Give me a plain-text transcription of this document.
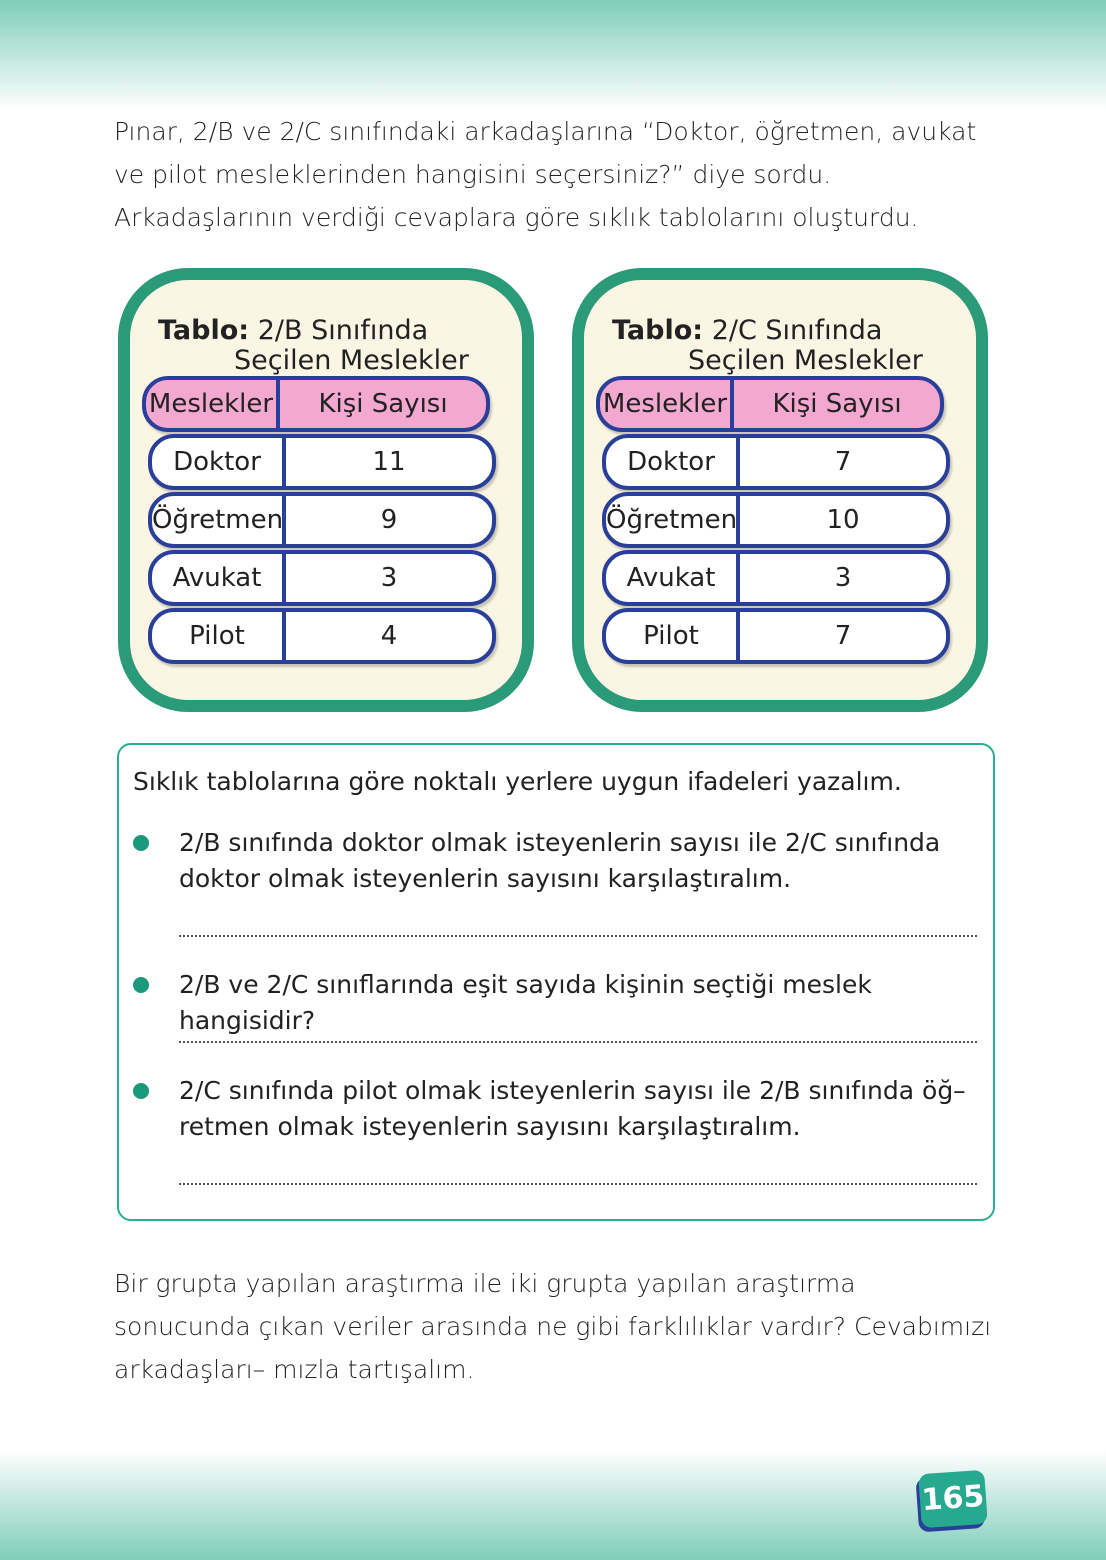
Pınar, 2/B ve 2/C sınıfındaki arkadaşlarına “Doktor, öğretmen, avukat ve pilot mesleklerinden hangisini seçersiniz?” diye sordu. Arkadaşlarının verdiği cevaplara göre sıklık tablolarını oluşturdu.

Tablo: 2/B Sınıfında
Seçilen Meslekler
Meslekler	Kişi Sayısı
Doktor	11
Öğretmen	9
Avukat	3
Pilot	4
Tablo: 2/C Sınıfında
Seçilen Meslekler
Meslekler	Kişi Sayısı
Doktor	7
Öğretmen	10
Avukat	3
Pilot	7
Sıklık tablolarına göre noktalı yerlere uygun ifadeleri yazalım.
2/B sınıfında doktor olmak isteyenlerin sayısı ile 2/C sınıfında doktor olmak isteyenlerin sayısını karşılaştıralım.
2/B ve 2/C sınıflarında eşit sayıda kişinin seçtiği meslek hangisidir?
2/C sınıfında pilot olmak isteyenlerin sayısı ile 2/B sınıfında öğ– retmen olmak isteyenlerin sayısını karşılaştıralım.

Bir grupta yapılan araştırma ile iki grupta yapılan araştırma sonucunda çıkan veriler arasında ne gibi farklılıklar vardır? Cevabımızı arkadaşları– mızla tartışalım.

165
